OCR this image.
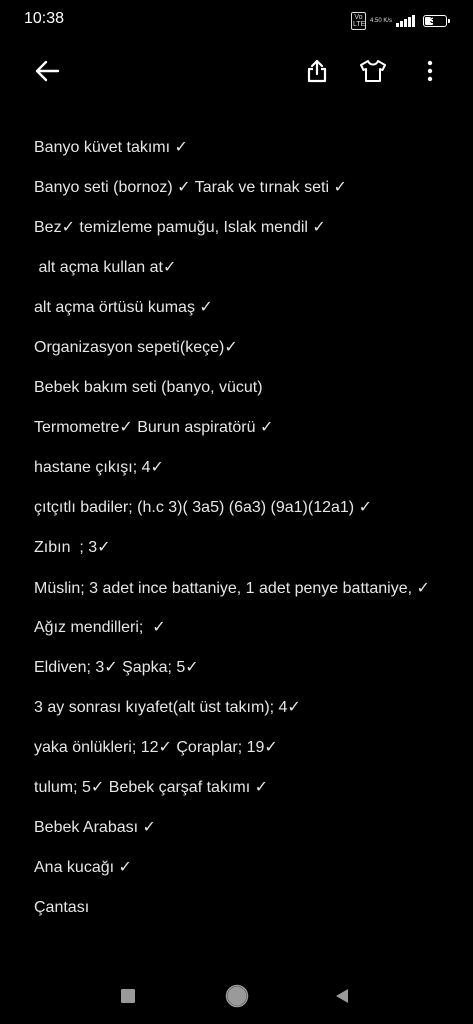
10:38	Vo LTE
4.50 K/s	35

Banyo küvet takımı ✓

Banyo seti (bornoz) ✓ Tarak ve tırnak seti ✓

Bez✓ temizleme pamuğu, Islak mendil ✓

alt açma kullan at✓

alt açma örtüsü kumaş ✓

Organizasyon sepeti(keçe)✓

Bebek bakım seti (banyo, vücut)

Termometre✓ Burun aspiratörü ✓

hastane çıkışı; 4✓

çıtçıtlı badiler; (h.c 3)( 3a5) (6a3) (9a1)(12a1) ✓

Zıbın  ; 3✓

Müslin; 3 adet ince battaniye, 1 adet penye battaniye, ✓

Ağız mendilleri;  ✓

Eldiven; 3✓ Şapka; 5✓

3 ay sonrası kıyafet(alt üst takım); 4✓

yaka önlükleri; 12✓ Çoraplar; 19✓

tulum; 5✓ Bebek çarşaf takımı ✓

Bebek Arabası ✓

Ana kucağı ✓

Çantası
